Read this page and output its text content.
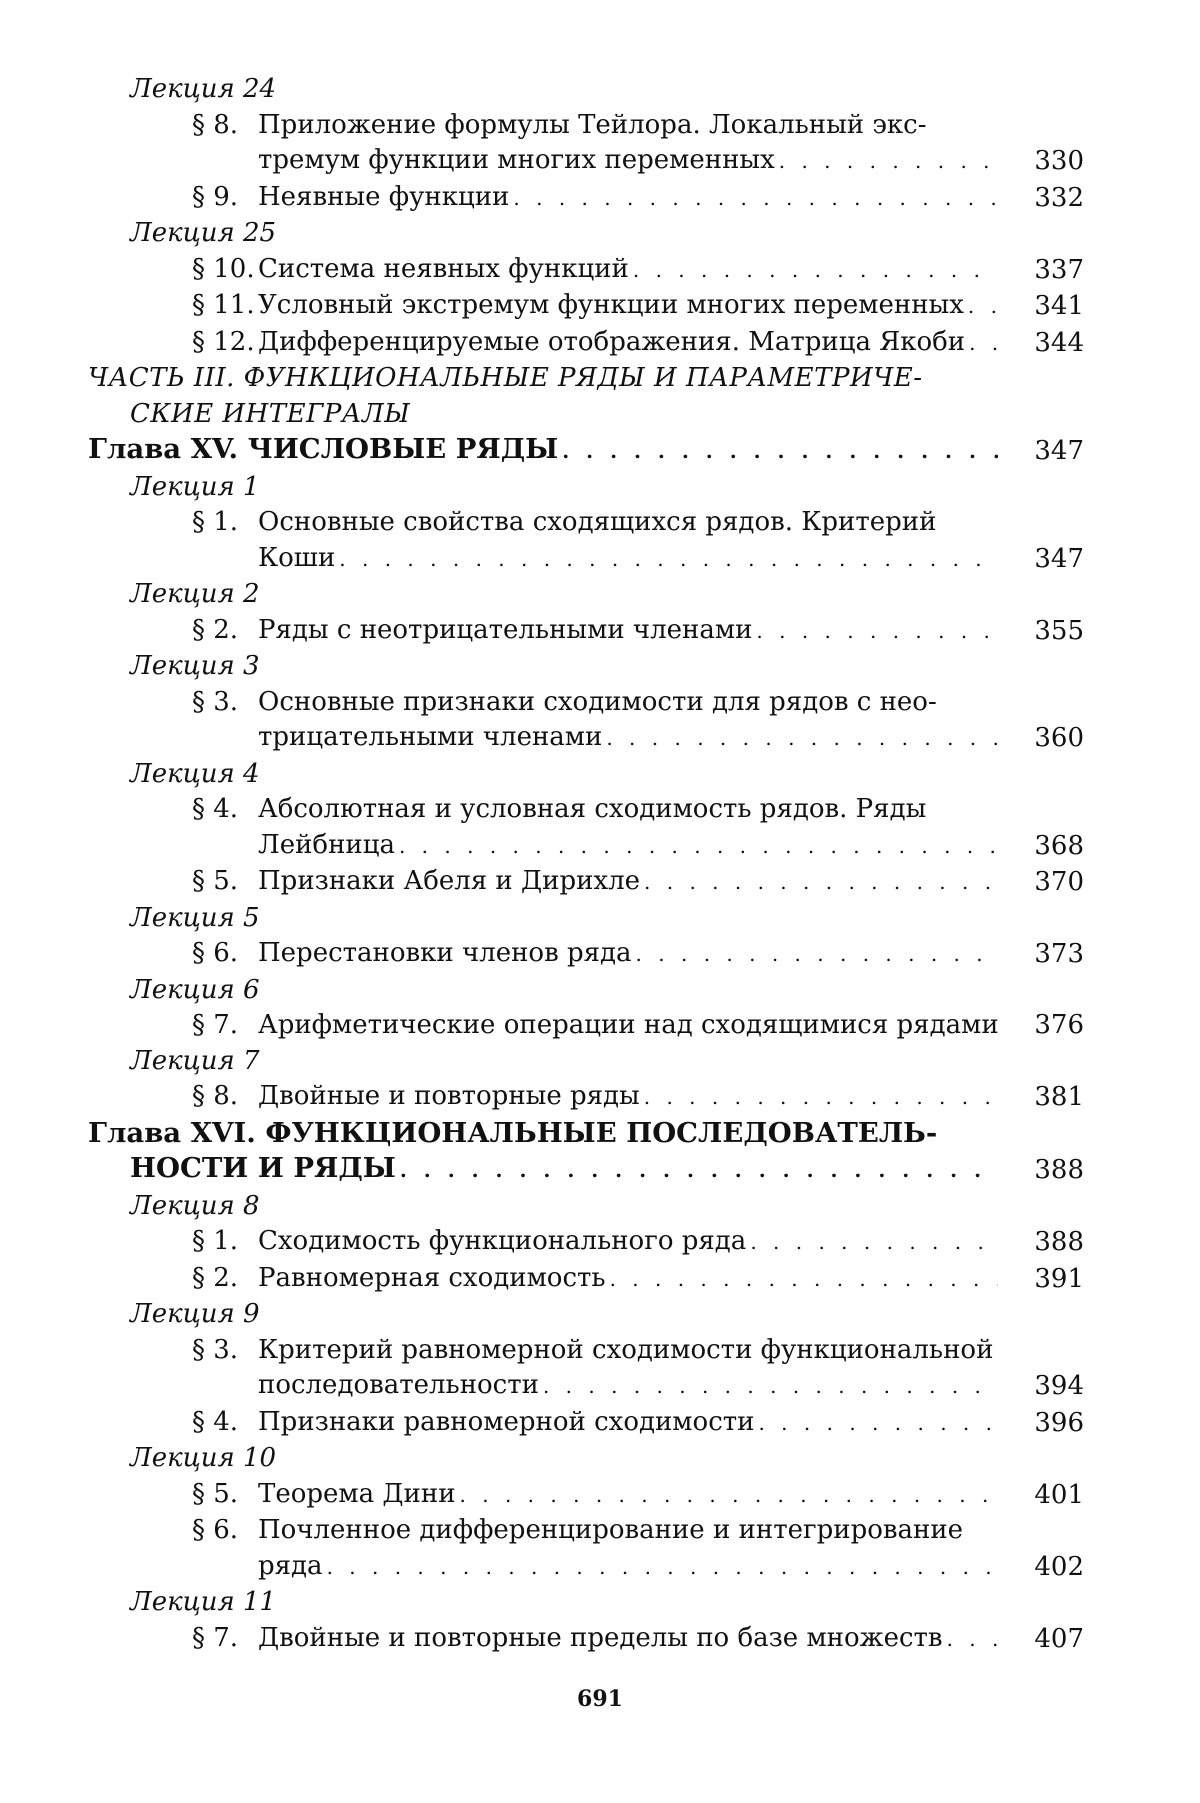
Лекция 24
§ 8. Приложение формулы Тейлора. Локальный экс-
тремум функции многих переменных . . .	330
§ 9. Неявные функции . . .	332
Лекция 25
§ 10. Система неявных функций . . .	337
§ 11. Условный экстремум функции многих переменных . . .	341
§ 12. Дифференцируемые отображения. Матрица Якоби . . .	344
ЧАСТЬ III. ФУНКЦИОНАЛЬНЫЕ РЯДЫ И ПАРАМЕТРИЧЕ-
СКИЕ ИНТЕГРАЛЫ
Глава XV. ЧИСЛОВЫЕ РЯДЫ . . .	347
Лекция 1
§ 1. Основные свойства сходящихся рядов. Критерий
Коши . . .	347
Лекция 2
§ 2. Ряды с неотрицательными членами . . .	355
Лекция 3
§ 3. Основные признаки сходимости для рядов с нео-
трицательными членами . . .	360
Лекция 4
§ 4. Абсолютная и условная сходимость рядов. Ряды
Лейбница . . .	368
§ 5. Признаки Абеля и Дирихле . . .	370
Лекция 5
§ 6. Перестановки членов ряда . . .	373
Лекция 6
§ 7. Арифметические операции над сходящимися рядами	376
Лекция 7
§ 8. Двойные и повторные ряды . . .	381
Глава XVI. ФУНКЦИОНАЛЬНЫЕ ПОСЛЕДОВАТЕЛЬ-
НОСТИ И РЯДЫ . . .	388
Лекция 8
§ 1. Сходимость функционального ряда . . .	388
§ 2. Равномерная сходимость . . .	391
Лекция 9
§ 3. Критерий равномерной сходимости функциональной
последовательности . . .	394
§ 4. Признаки равномерной сходимости . . .	396
Лекция 10
§ 5. Теорема Дини . . .	401
§ 6. Почленное дифференцирование и интегрирование
ряда . . .	402
Лекция 11
§ 7. Двойные и повторные пределы по базе множеств . . .	407
691
